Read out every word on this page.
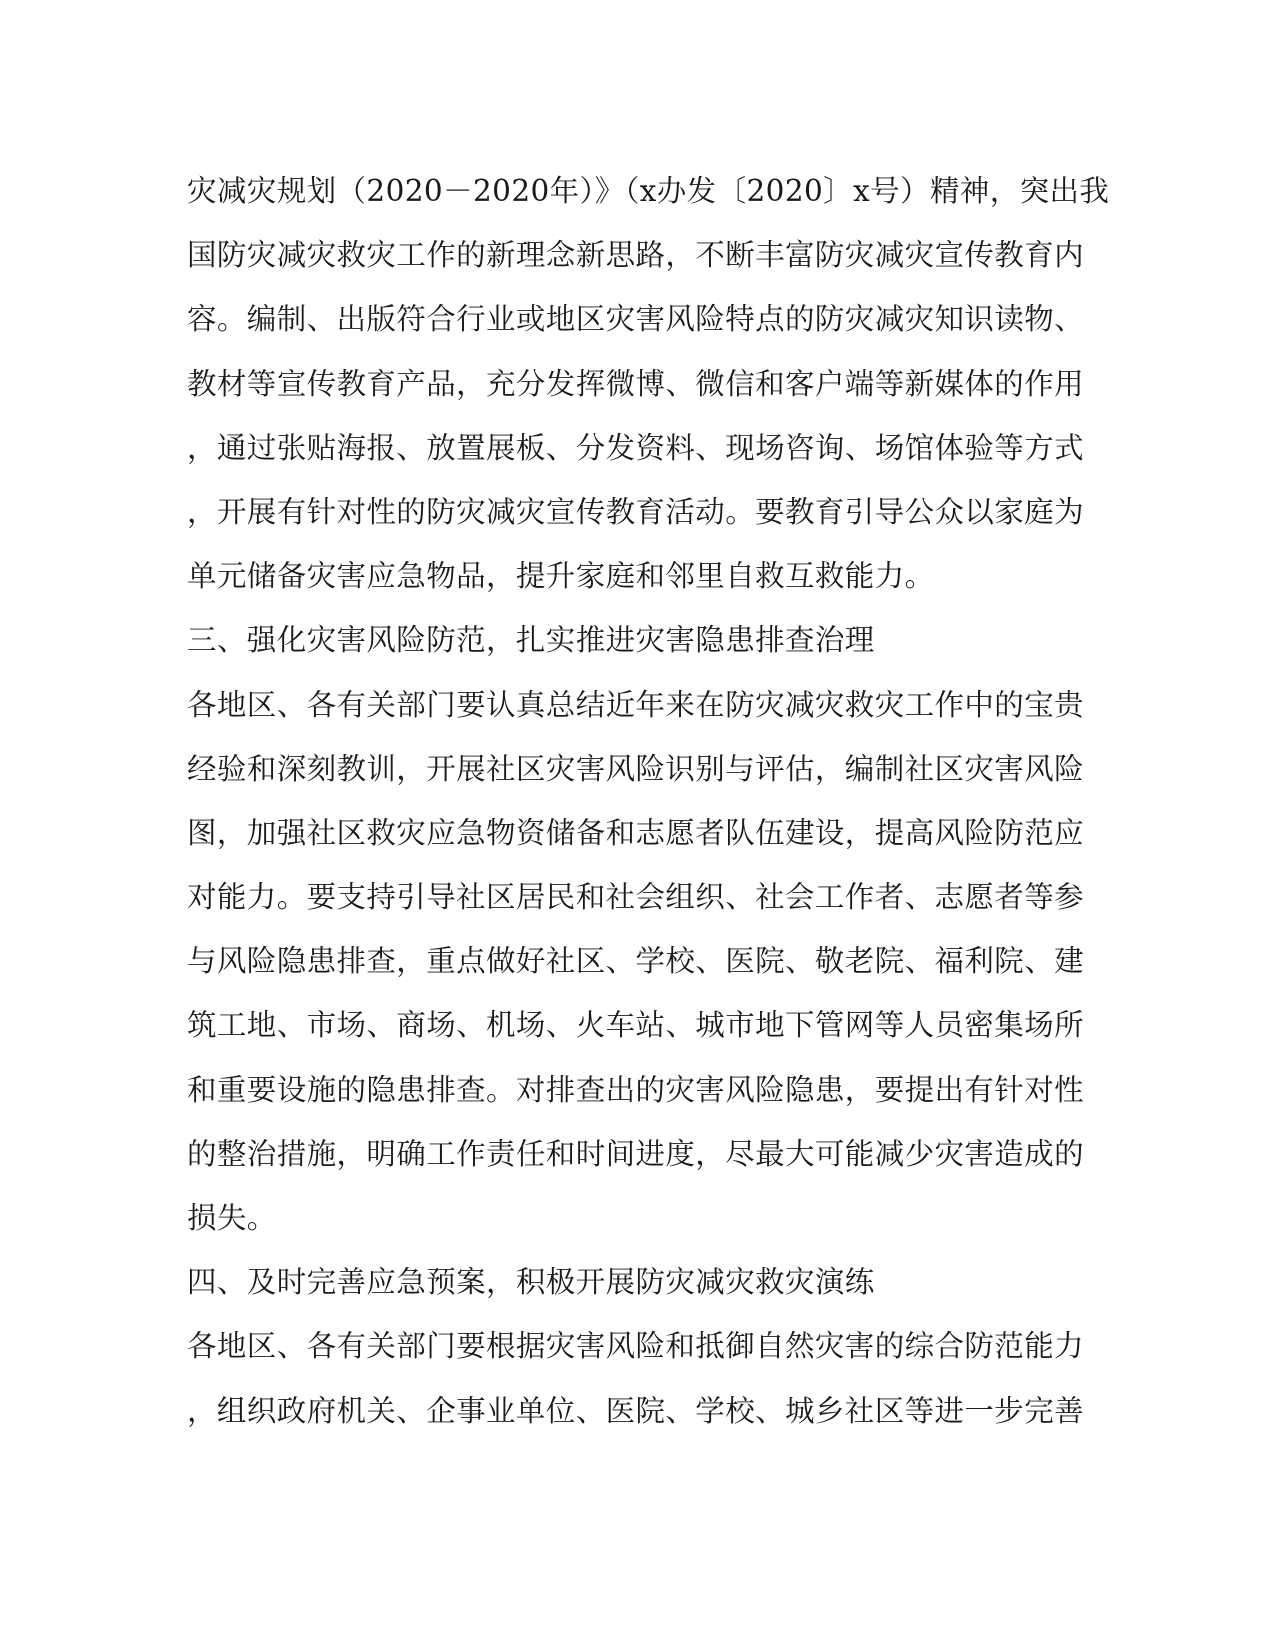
灾减灾规划（2020－2020年）》（x办发〔2020〕x号）精神，突出我
国防灾减灾救灾工作的新理念新思路，不断丰富防灾减灾宣传教育内
容。编制、出版符合行业或地区灾害风险特点的防灾减灾知识读物、
教材等宣传教育产品，充分发挥微博、微信和客户端等新媒体的作用
，通过张贴海报、放置展板、分发资料、现场咨询、场馆体验等方式
，开展有针对性的防灾减灾宣传教育活动。要教育引导公众以家庭为
单元储备灾害应急物品，提升家庭和邻里自救互救能力。
三、强化灾害风险防范，扎实推进灾害隐患排查治理
各地区、各有关部门要认真总结近年来在防灾减灾救灾工作中的宝贵
经验和深刻教训，开展社区灾害风险识别与评估，编制社区灾害风险
图，加强社区救灾应急物资储备和志愿者队伍建设，提高风险防范应
对能力。要支持引导社区居民和社会组织、社会工作者、志愿者等参
与风险隐患排查，重点做好社区、学校、医院、敬老院、福利院、建
筑工地、市场、商场、机场、火车站、城市地下管网等人员密集场所
和重要设施的隐患排查。对排查出的灾害风险隐患，要提出有针对性
的整治措施，明确工作责任和时间进度，尽最大可能减少灾害造成的
损失。
四、及时完善应急预案，积极开展防灾减灾救灾演练
各地区、各有关部门要根据灾害风险和抵御自然灾害的综合防范能力
，组织政府机关、企事业单位、医院、学校、城乡社区等进一步完善
